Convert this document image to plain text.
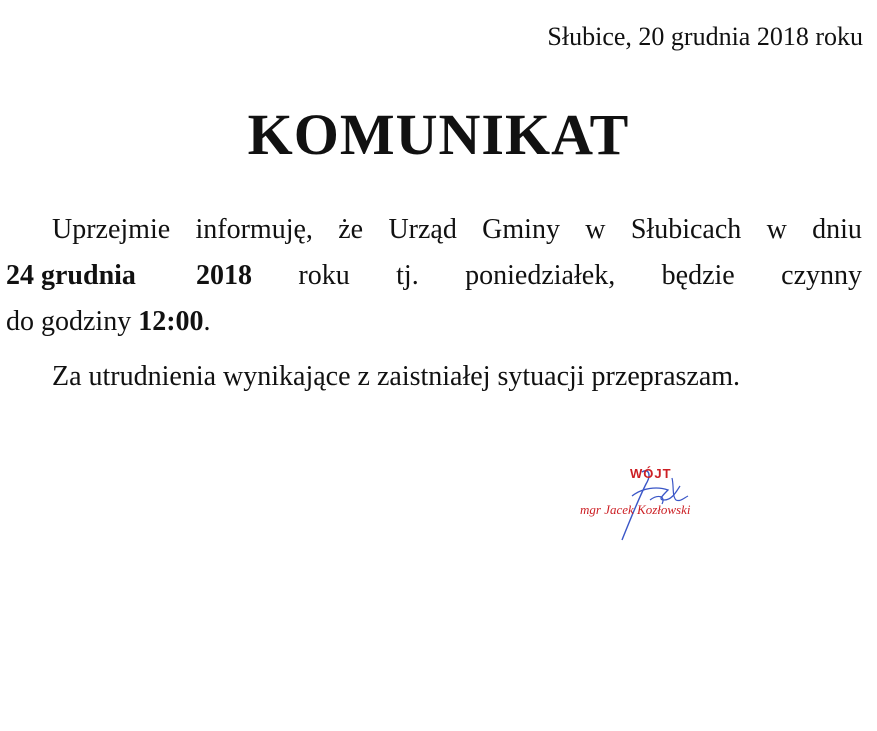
Słubice, 20 grudnia 2018 roku
KOMUNIKAT
Uprzejmie informuję, że Urząd Gminy w Słubicach w dniu
24 grudnia 2018 roku tj. poniedziałek, będzie czynny
do godziny 12:00.
Za utrudnienia wynikające z zaistniałej sytuacji przepraszam.
WÓJT
mgr Jacek Kozłowski
